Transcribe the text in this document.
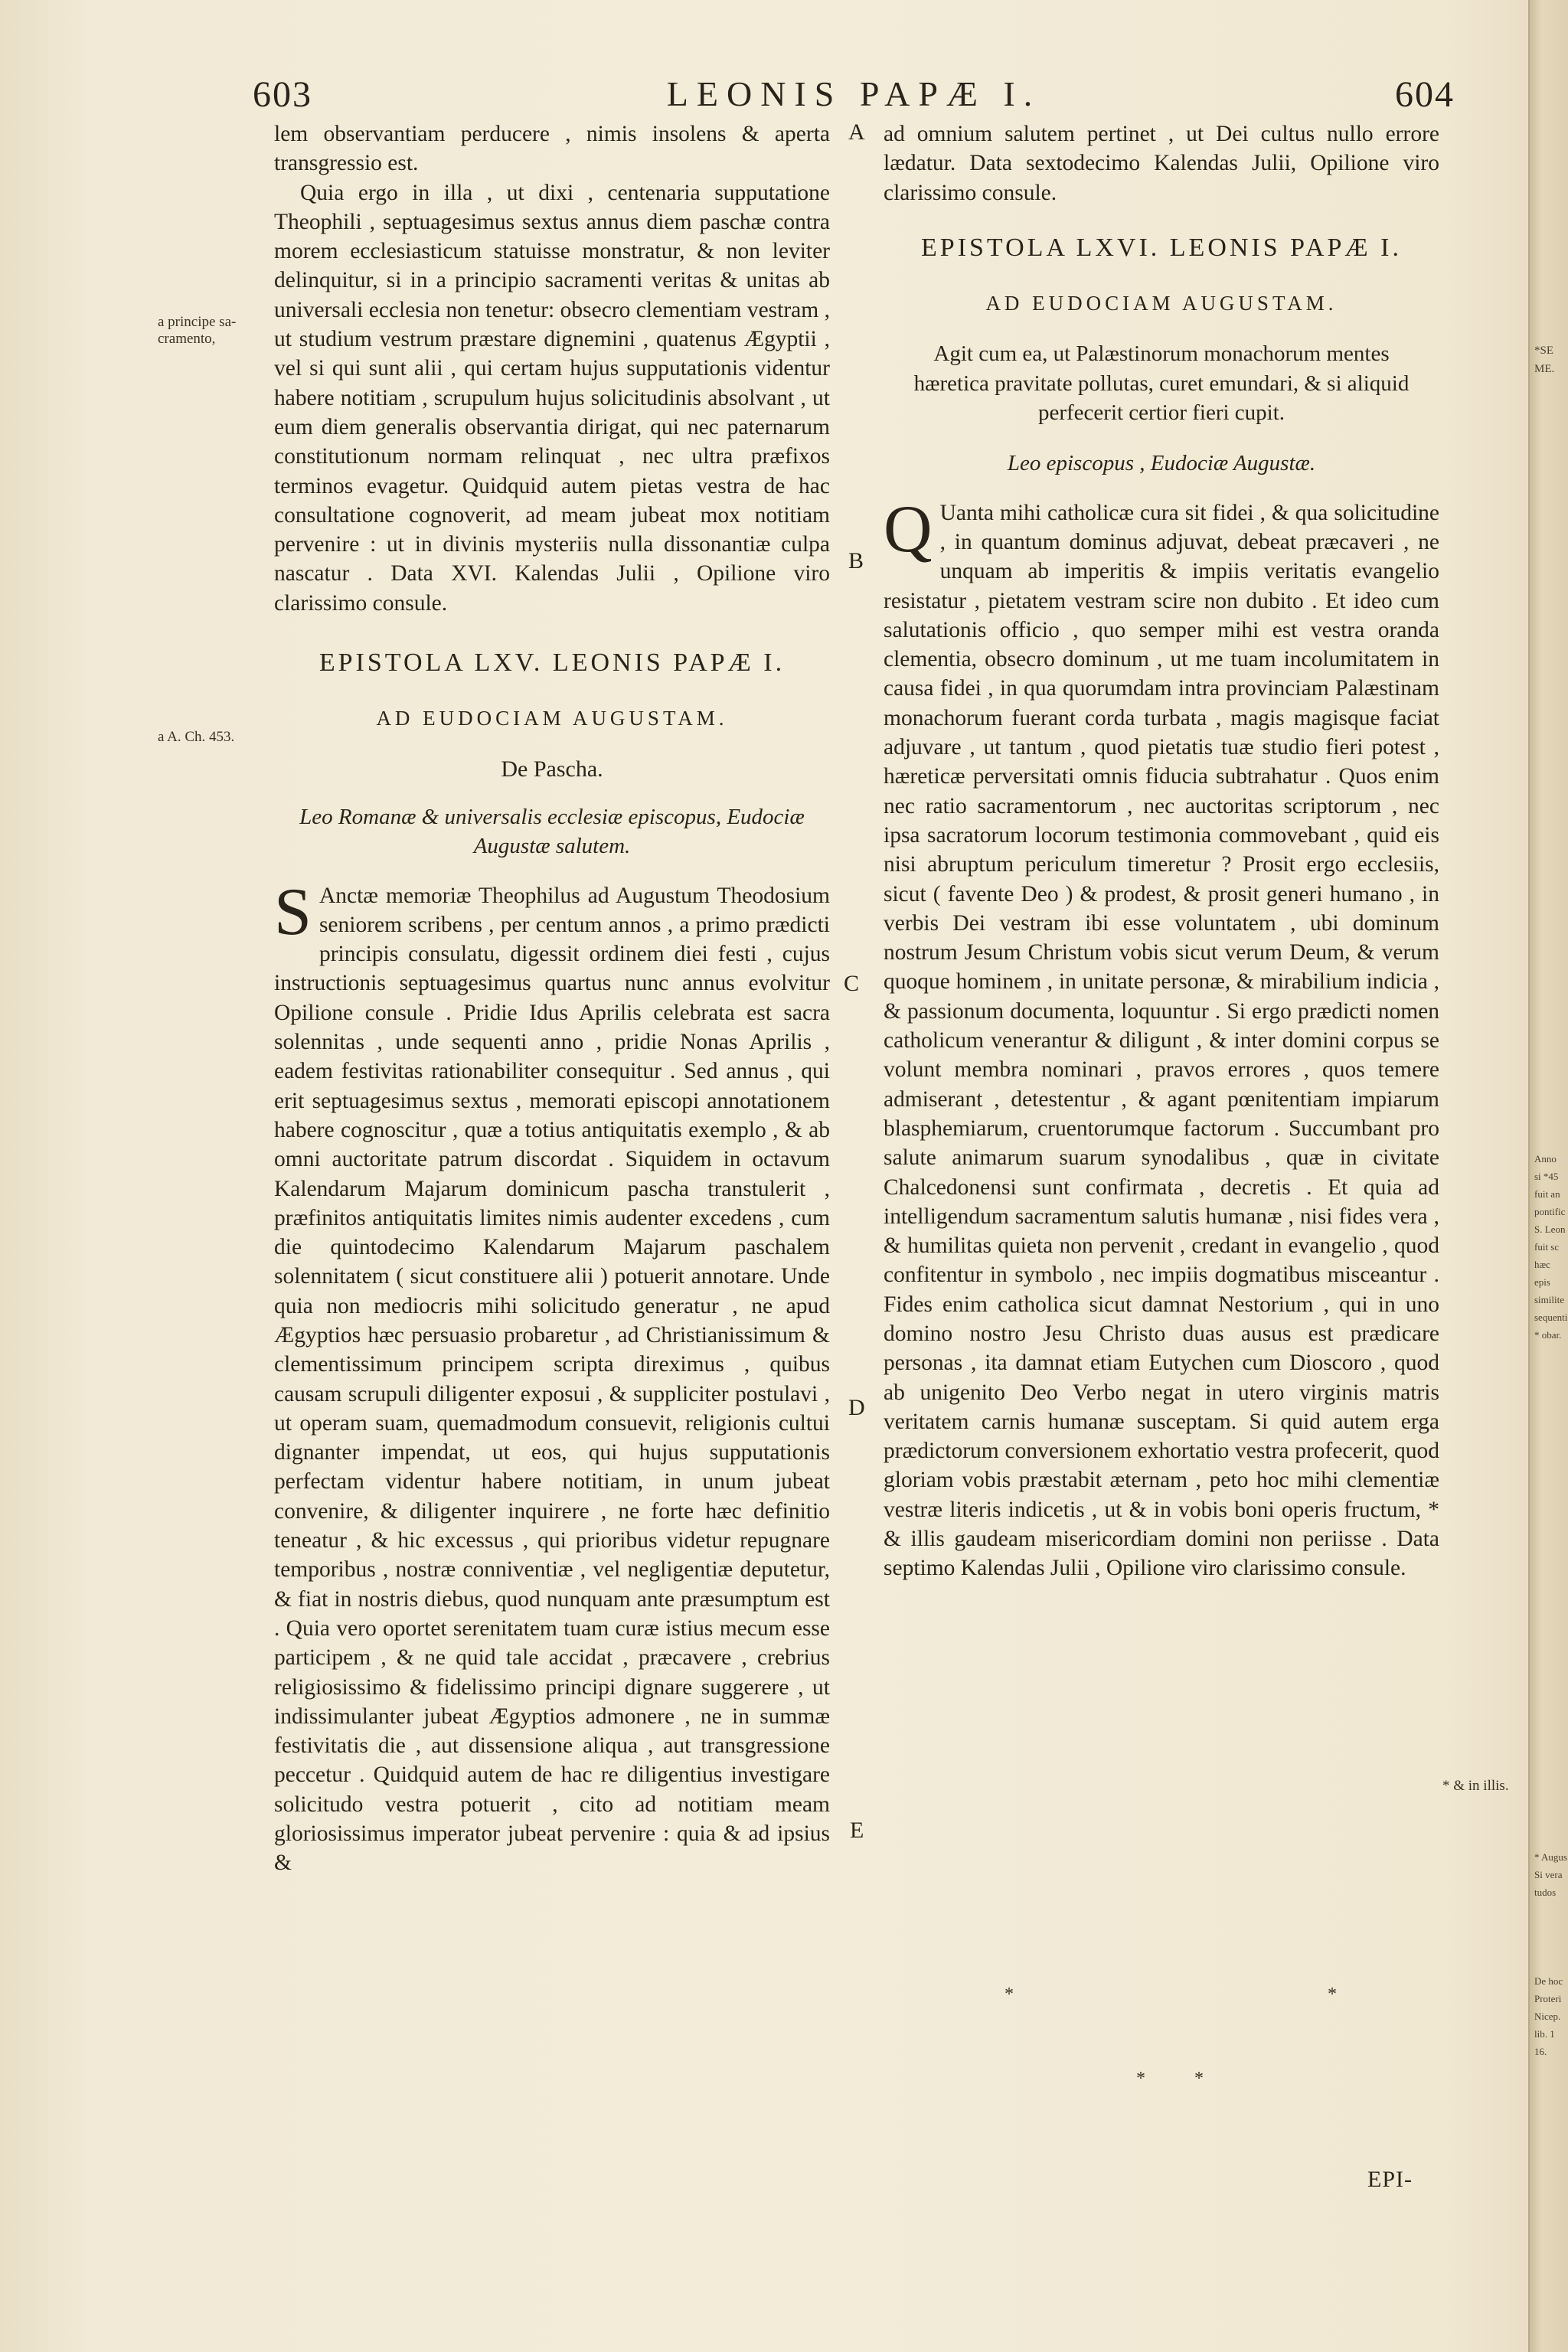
603	LEONIS PAPÆ I.	604
a principe sa-
cramento,
a A. Ch. 453.
A
B
C
D
E

lem observantiam perducere , nimis insolens & aperta transgressio est.

Quia ergo in illa , ut dixi , centenaria supputatione Theophili , septuagesimus sextus annus diem paschæ contra morem ecclesiasticum statuisse monstratur, & non leviter delinquitur, si in a principio sacramenti veritas & unitas ab universali ecclesia non tenetur: obsecro clementiam vestram , ut studium vestrum præstare dignemini , quatenus Ægyptii , vel si qui sunt alii , qui certam hujus supputationis videntur habere notitiam , scrupulum hujus solicitudinis absolvant , ut eum diem generalis observantia dirigat, qui nec paternarum constitutionum normam relinquat , nec ultra præfixos terminos evagetur. Quidquid autem pietas vestra de hac consultatione cognoverit, ad meam jubeat mox notitiam pervenire : ut in divinis mysteriis nulla dissonantiæ culpa nascatur . Data XVI. Kalendas Julii , Opilione viro clarissimo consule.

EPISTOLA LXV. LEONIS PAPÆ I.
AD EUDOCIAM AUGUSTAM.
De Pascha.
Leo Romanæ & universalis ecclesiæ episcopus, Eudociæ Augustæ salutem.

S Anctæ memoriæ Theophilus ad Augustum Theodosium seniorem scribens , per centum annos , a primo prædicti principis consulatu, digessit ordinem diei festi , cujus instructionis septuagesimus quartus nunc annus evolvitur Opilione consule . Pridie Idus Aprilis celebrata est sacra solennitas , unde sequenti anno , pridie Nonas Aprilis , eadem festivitas rationabiliter consequitur . Sed annus , qui erit septuagesimus sextus , memorati episcopi annotationem habere cognoscitur , quæ a totius antiquitatis exemplo , & ab omni auctoritate patrum discordat . Siquidem in octavum Kalendarum Majarum dominicum pascha transtulerit , præfinitos antiquitatis limites nimis audenter excedens , cum die quintodecimo Kalendarum Majarum paschalem solennitatem ( sicut constituere alii ) potuerit annotare. Unde quia non mediocris mihi solicitudo generatur , ne apud Ægyptios hæc persuasio probaretur , ad Christianissimum & clementissimum principem scripta direximus , quibus causam scrupuli diligenter exposui , & suppliciter postulavi , ut operam suam, quemadmodum consuevit, religionis cultui dignanter impendat, ut eos, qui hujus supputationis perfectam videntur habere notitiam, in unum jubeat convenire, & diligenter inquirere , ne forte hæc definitio teneatur , & hic excessus , qui prioribus videtur repugnare temporibus , nostræ conniventiæ , vel negligentiæ deputetur, & fiat in nostris diebus, quod nunquam ante præsumptum est . Quia vero oportet serenitatem tuam curæ istius mecum esse participem , & ne quid tale accidat , præcavere , crebrius religiosissimo & fidelissimo principi dignare suggerere , ut indissimulanter jubeat Ægyptios admonere , ne in summæ festivitatis die , aut dissensione aliqua , aut transgressione peccetur . Quidquid autem de hac re diligentius investigare solicitudo vestra potuerit , cito ad notitiam meam gloriosissimus imperator jubeat pervenire : quia & ad ipsius &

ad omnium salutem pertinet , ut Dei cultus nullo errore lædatur. Data sextodecimo Kalendas Julii, Opilione viro clarissimo consule.

EPISTOLA LXVI. LEONIS PAPÆ I.
AD EUDOCIAM AUGUSTAM.
Agit cum ea, ut Palæstinorum monachorum mentes hæretica pravitate pollutas, curet emundari, & si aliquid perfecerit certior fieri cupit.
Leo episcopus , Eudociæ Augustæ.

Q Uanta mihi catholicæ cura sit fidei , & qua solicitudine , in quantum dominus adjuvat, debeat præcaveri , ne unquam ab imperitis & impiis veritatis evangelio resistatur , pietatem vestram scire non dubito . Et ideo cum salutationis officio , quo semper mihi est vestra oranda clementia, obsecro dominum , ut me tuam incolumitatem in causa fidei , in qua quorumdam intra provinciam Palæstinam monachorum fuerant corda turbata , magis magisque faciat adjuvare , ut tantum , quod pietatis tuæ studio fieri potest , hæreticæ perversitati omnis fiducia subtrahatur . Quos enim nec ratio sacramentorum , nec auctoritas scriptorum , nec ipsa sacratorum locorum testimonia commovebant , quid eis nisi abruptum periculum timeretur ? Prosit ergo ecclesiis, sicut ( favente Deo ) & prodest, & prosit generi humano , in verbis Dei vestram ibi esse voluntatem , ubi dominum nostrum Jesum Christum vobis sicut verum Deum, & verum quoque hominem , in unitate personæ, & mirabilium indicia , & passionum documenta, loquuntur . Si ergo prædicti nomen catholicum venerantur & diligunt , & inter domini corpus se volunt membra nominari , pravos errores , quos temere admiserant , detestentur , & agant pœnitentiam impiarum blasphemiarum, cruentorumque factorum . Succumbant pro salute animarum suarum synodalibus , quæ in civitate Chalcedonensi sunt confirmata , decretis . Et quia ad intelligendum sacramentum salutis humanæ , nisi fides vera , & humilitas quieta non pervenit , credant in evangelio , quod confitentur in symbolo , nec impiis dogmatibus misceantur . Fides enim catholica sicut damnat Nestorium , qui in uno domino nostro Jesu Christo duas ausus est prædicare personas , ita damnat etiam Eutychen cum Dioscoro , quod ab unigenito Deo Verbo negat in utero virginis matris veritatem carnis humanæ susceptam. Si quid autem erga prædictorum conversionem exhortatio vestra profecerit, quod gloriam vobis præstabit æternam , peto hoc mihi clementiæ vestræ literis indicetis , ut & in vobis boni operis fructum, * & illis gaudeam misericordiam domini non periisse . Data septimo Kalendas Julii , Opilione viro clarissimo consule.

* & in illis.
*	*
*	*
EPI-
*SE
ME.
Anno
si *45
fuit an
pontific
S. Leon
fuit sc
hæc epis
similite
sequenti
* obar.
* Augus
Si vera
tudos

De hoc
Proteri
Nicep.
lib. 1
16.
